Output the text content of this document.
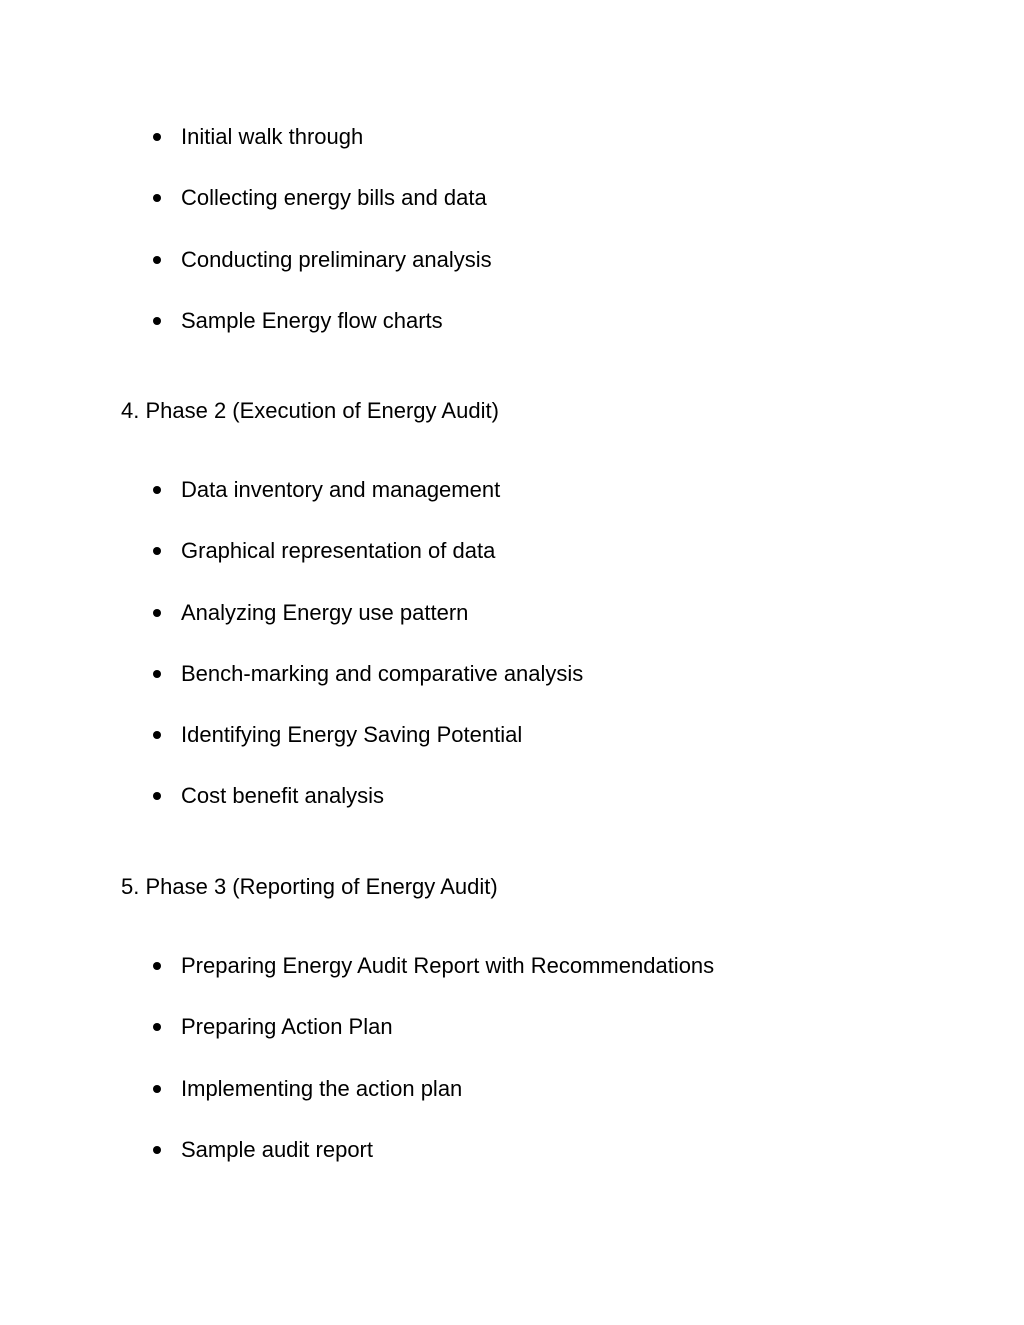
Initial walk through
Collecting energy bills and data
Conducting preliminary analysis
Sample Energy flow charts
4. Phase 2 (Execution of Energy Audit)
Data inventory and management
Graphical representation of data
Analyzing Energy use pattern
Bench-marking and comparative analysis
Identifying Energy Saving Potential
Cost benefit analysis
5. Phase 3 (Reporting of Energy Audit)
Preparing Energy Audit Report with Recommendations
Preparing Action Plan
Implementing the action plan
Sample audit report
